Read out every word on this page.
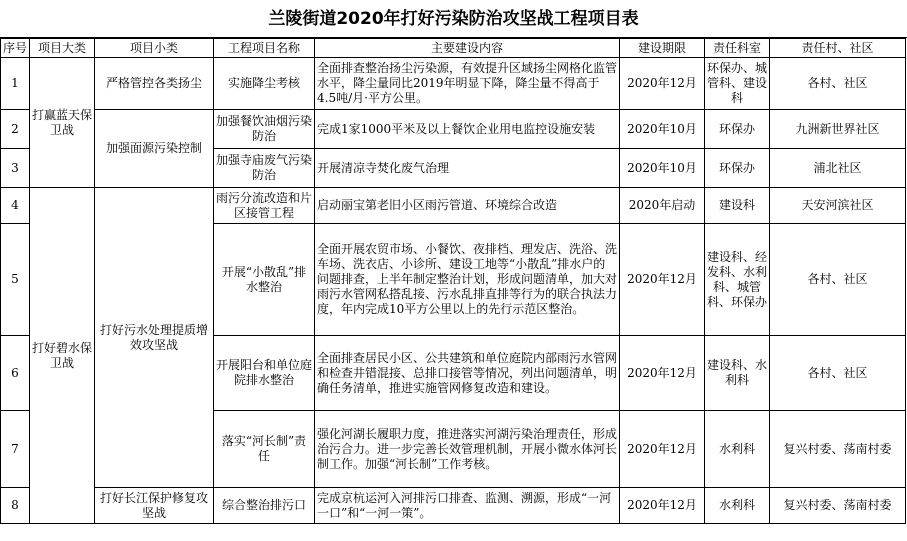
兰陵街道2020年打好污染防治攻坚战工程项目表
序号	项目大类	项目小类	工程项目名称	主要建设内容	建设期限	责任科室	责任村、社区
1	打赢蓝天保卫战	严格管控各类扬尘	实施降尘考核	全面排查整治扬尘污染源，有效提升区域扬尘网格化监管水平，降尘量同比2019年明显下降，降尘量不得高于4.5吨/月·平方公里。	2020年12月	环保办、城管科、建设科	各村、社区
2		加强面源污染控制	加强餐饮油烟污染防治	完成1家1000平米及以上餐饮企业用电监控设施安装	2020年10月	环保办	九洲新世界社区
3			加强寺庙废气污染防治	开展清凉寺焚化废气治理	2020年10月	环保办	浦北社区
4	打好碧水保卫战	打好污水处理提质增效攻坚战	雨污分流改造和片区接管工程	启动丽宝第老旧小区雨污管道、环境综合改造	2020年启动	建设科	天安河滨社区
5			开展“小散乱”排水整治	全面开展农贸市场、小餐饮、夜排档、理发店、洗浴、洗车场、洗衣店、小诊所、建设工地等“小散乱”排水户的问题排查，上半年制定整治计划，形成问题清单，加大对雨污水管网私搭乱接、污水乱排直排等行为的联合执法力度，年内完成10平方公里以上的先行示范区整治。	2020年12月	建设科、经发科、水利科、城管科、环保办	各村、社区
6			开展阳台和单位庭院排水整治	全面排查居民小区、公共建筑和单位庭院内部雨污水管网和检查井错混接、总排口接管等情况，列出问题清单，明确任务清单，推进实施管网修复改造和建设。	2020年12月	建设科、水利科	各村、社区
7			落实“河长制”责任	强化河湖长履职力度，推进落实河湖污染治理责任，形成治污合力。进一步完善长效管理机制，开展小微水体河长制工作。加强“河长制”工作考核。	2020年12月	水利科	复兴村委、荡南村委
8		打好长江保护修复攻坚战	综合整治排污口	完成京杭运河入河排污口排查、监测、溯源，形成“一河一口”和“一河一策”。	2020年12月	水利科	复兴村委、荡南村委
